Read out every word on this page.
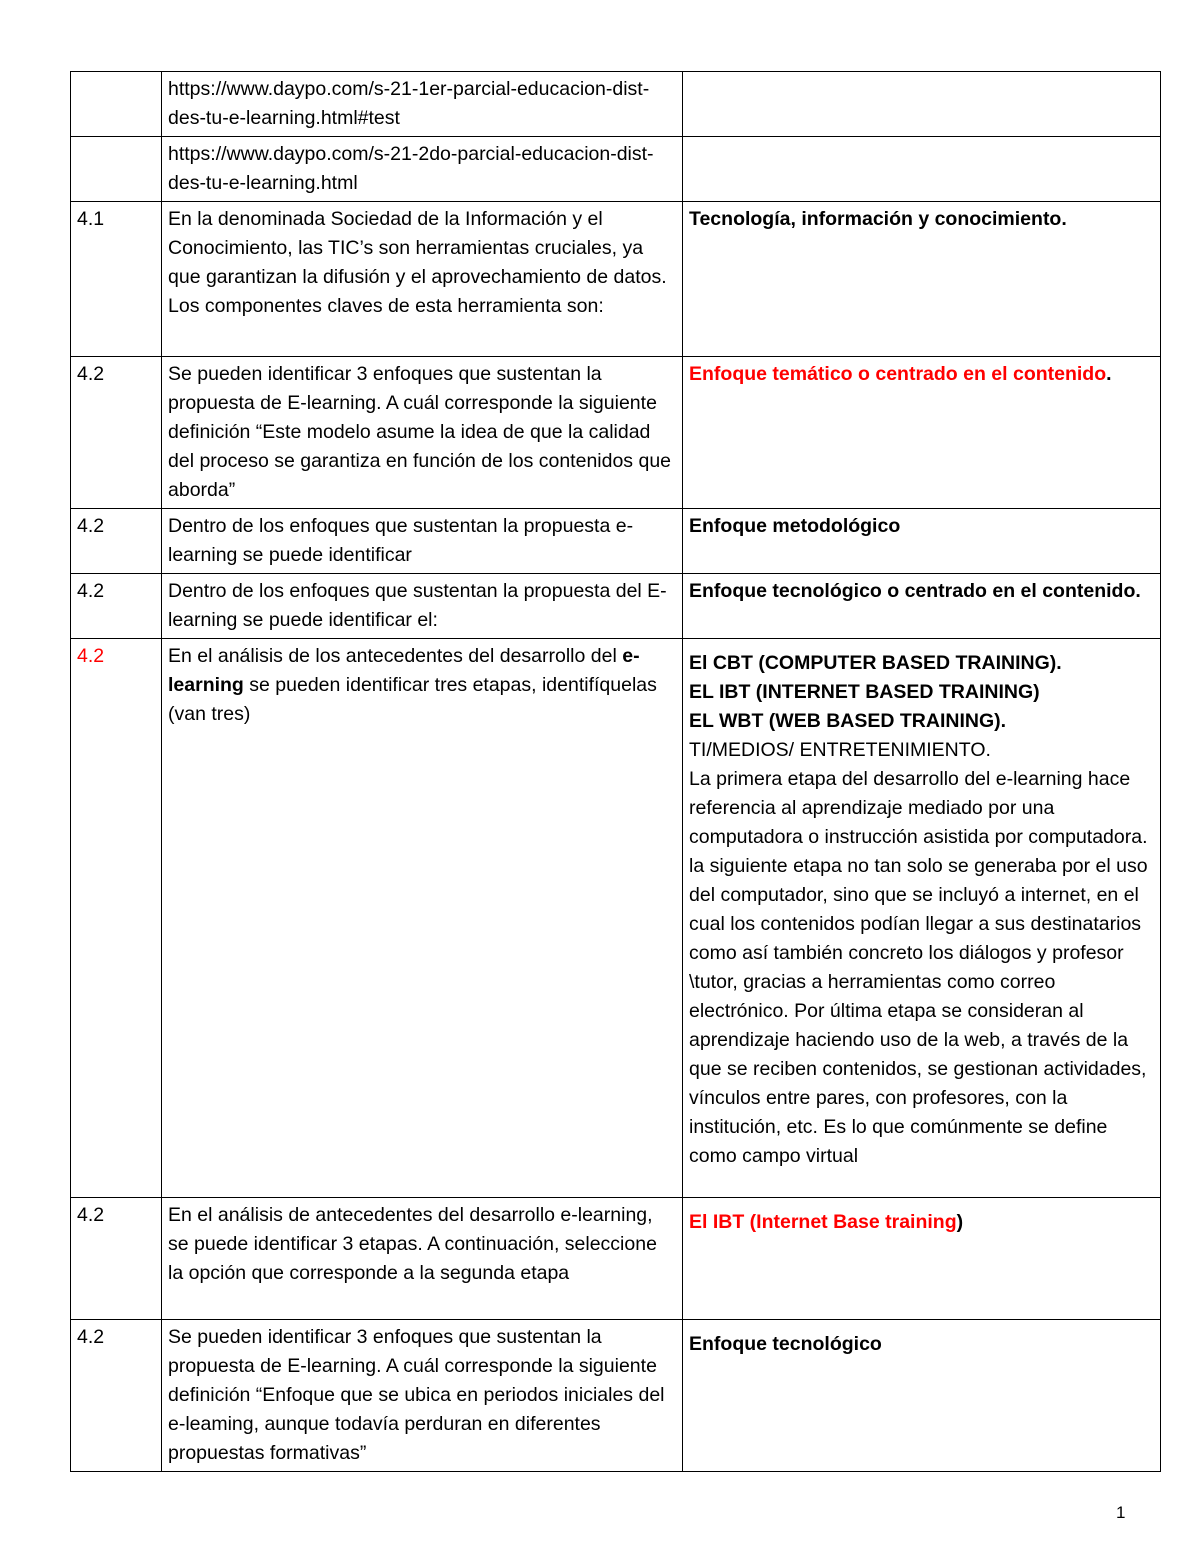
	https://www.daypo.com/s-21-1er-parcial-educacion-dist-des-tu-e-learning.html#test	
	https://www.daypo.com/s-21-2do-parcial-educacion-dist-des-tu-e-learning.html	
4.1	En la denominada Sociedad de la Información y el Conocimiento, las TIC’s son herramientas cruciales, ya que garantizan la difusión y el aprovechamiento de datos. Los componentes claves de esta herramienta son:	Tecnología, información y conocimiento.
4.2	Se pueden identificar 3 enfoques que sustentan la propuesta de E-learning. A cuál corresponde la siguiente definición “Este modelo asume la idea de que la calidad del proceso se garantiza en función de los contenidos que aborda”	Enfoque temático o centrado en el contenido.
4.2	Dentro de los enfoques que sustentan la propuesta e-learning se puede identificar	Enfoque metodológico
4.2	Dentro de los enfoques que sustentan la propuesta del E-learning se puede identificar el:	Enfoque tecnológico o centrado en el contenido.
4.2	En el análisis de los antecedentes del desarrollo del e-learning se pueden identificar tres etapas, identifíquelas (van tres)	El CBT (COMPUTER BASED TRAINING).
EL IBT (INTERNET BASED TRAINING)
EL WBT (WEB BASED TRAINING).
TI/MEDIOS/ ENTRETENIMIENTO.
La primera etapa del desarrollo del e-learning hace referencia al aprendizaje mediado por una computadora o instrucción asistida por computadora. la siguiente etapa no tan solo se generaba por el uso del computador, sino que se incluyó a internet, en el cual los contenidos podían llegar a sus destinatarios como así también concreto los diálogos y profesor \tutor, gracias a herramientas como correo electrónico. Por última etapa se consideran al aprendizaje haciendo uso de la web, a través de la que se reciben contenidos, se gestionan actividades, vínculos entre pares, con profesores, con la institución, etc. Es lo que comúnmente se define como campo virtual

4.2	En el análisis de antecedentes del desarrollo e-learning, se puede identificar 3 etapas. A continuación, seleccione la opción que corresponde a la segunda etapa	El IBT (Internet Base training)
4.2	Se pueden identificar 3 enfoques que sustentan la propuesta de E-learning. A cuál corresponde la siguiente definición “Enfoque que se ubica en periodos iniciales del e-leaming, aunque todavía perduran en diferentes propuestas formativas”	Enfoque tecnológico
1
